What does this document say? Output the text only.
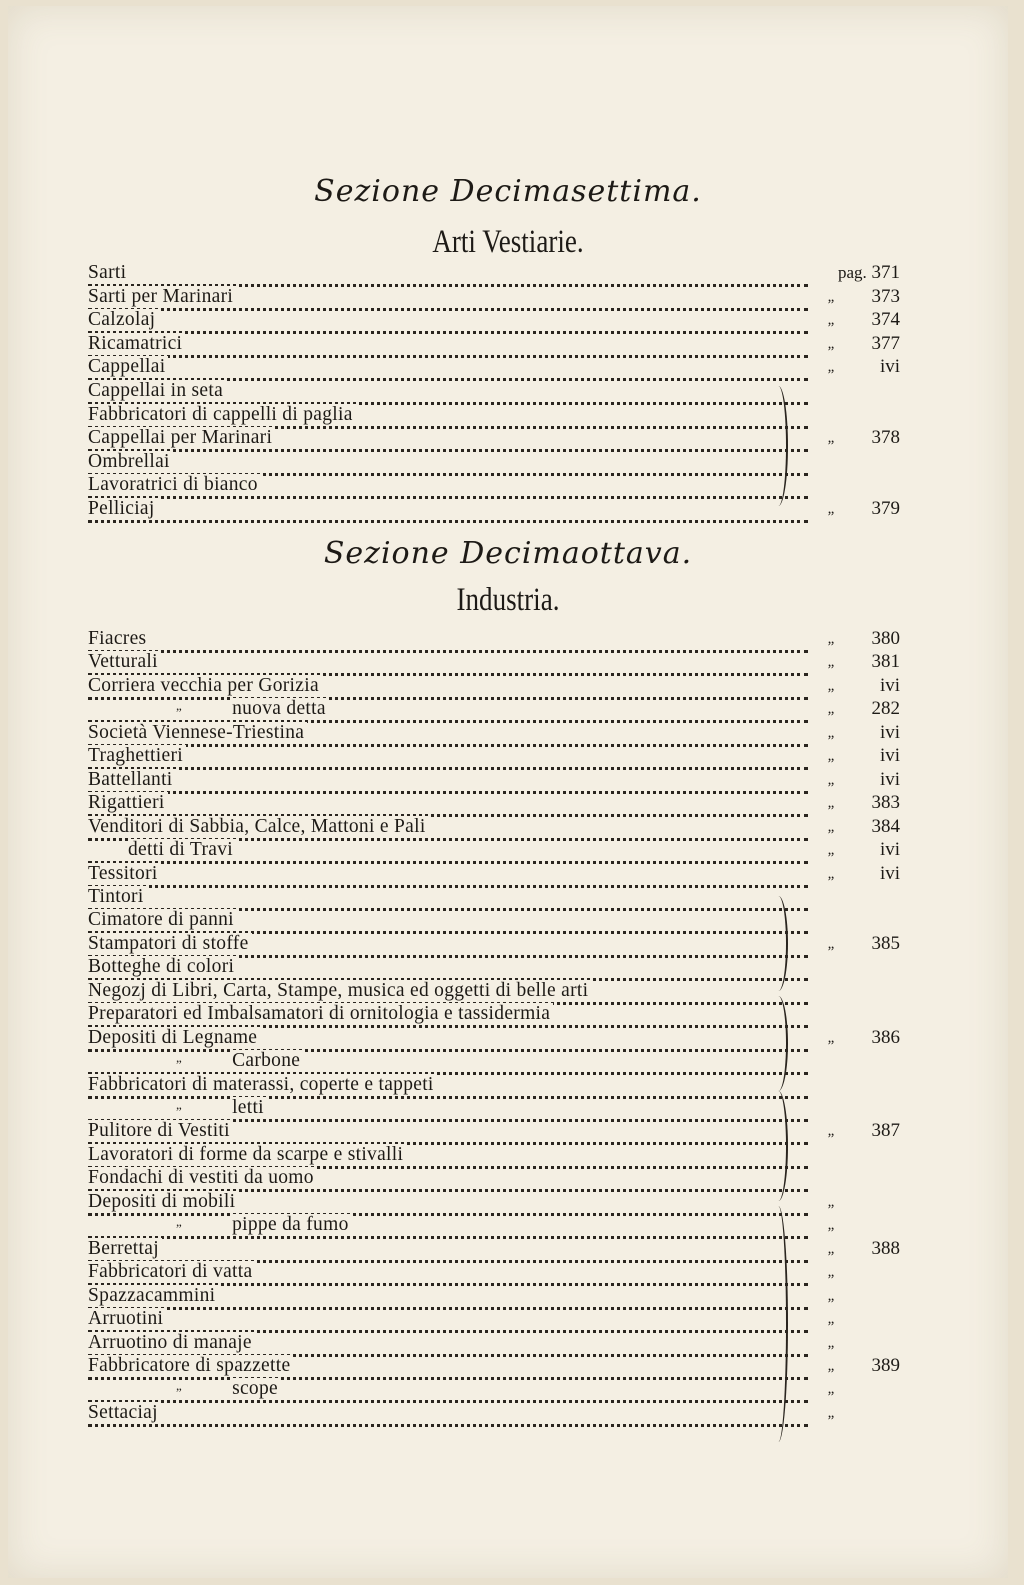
Sezione Decimasettima.
Arti Vestiarie.
Sarti	pag. 371
Sarti per Marinari	„	373
Calzolaj	„	374
Ricamatrici	„	377
Cappellai	„	ivi
Cappellai in seta
Fabbricatori di cappelli di paglia
Cappellai per Marinari	„	378
Ombrellai
Lavoratrici di bianco
Pelliciaj	„	379
Sezione Decimaottava.
Industria.
Fiacres	„	380
Vetturali	„	381
Corriera vecchia per Gorizia	„	ivi
„	nuova detta	„	282
Società Viennese-Triestina	„	ivi
Traghettieri	„	ivi
Battellanti	„	ivi
Rigattieri	„	383
Venditori di Sabbia, Calce, Mattoni e Pali	„	384
detti di Travi	„	ivi
Tessitori	„	ivi
Tintori
Cimatore di panni
Stampatori di stoffe	„	385
Botteghe di colori
Negozj di Libri, Carta, Stampe, musica ed oggetti di belle arti
Preparatori ed Imbalsamatori di ornitologia e tassidermia
Depositi di Legname	„	386
„	Carbone
Fabbricatori di materassi, coperte e tappeti
„	letti
Pulitore di Vestiti	„	387
Lavoratori di forme da scarpe e stivalli
Fondachi di vestiti da uomo
Depositi di mobili	„
„	pippe da fumo	„
Berrettaj	„	388
Fabbricatori di vatta	„
Spazzacammini	„
Arruotini	„
Arruotino di manaje	„
Fabbricatore di spazzette	„	389
„	scope	„
Settaciaj	„
